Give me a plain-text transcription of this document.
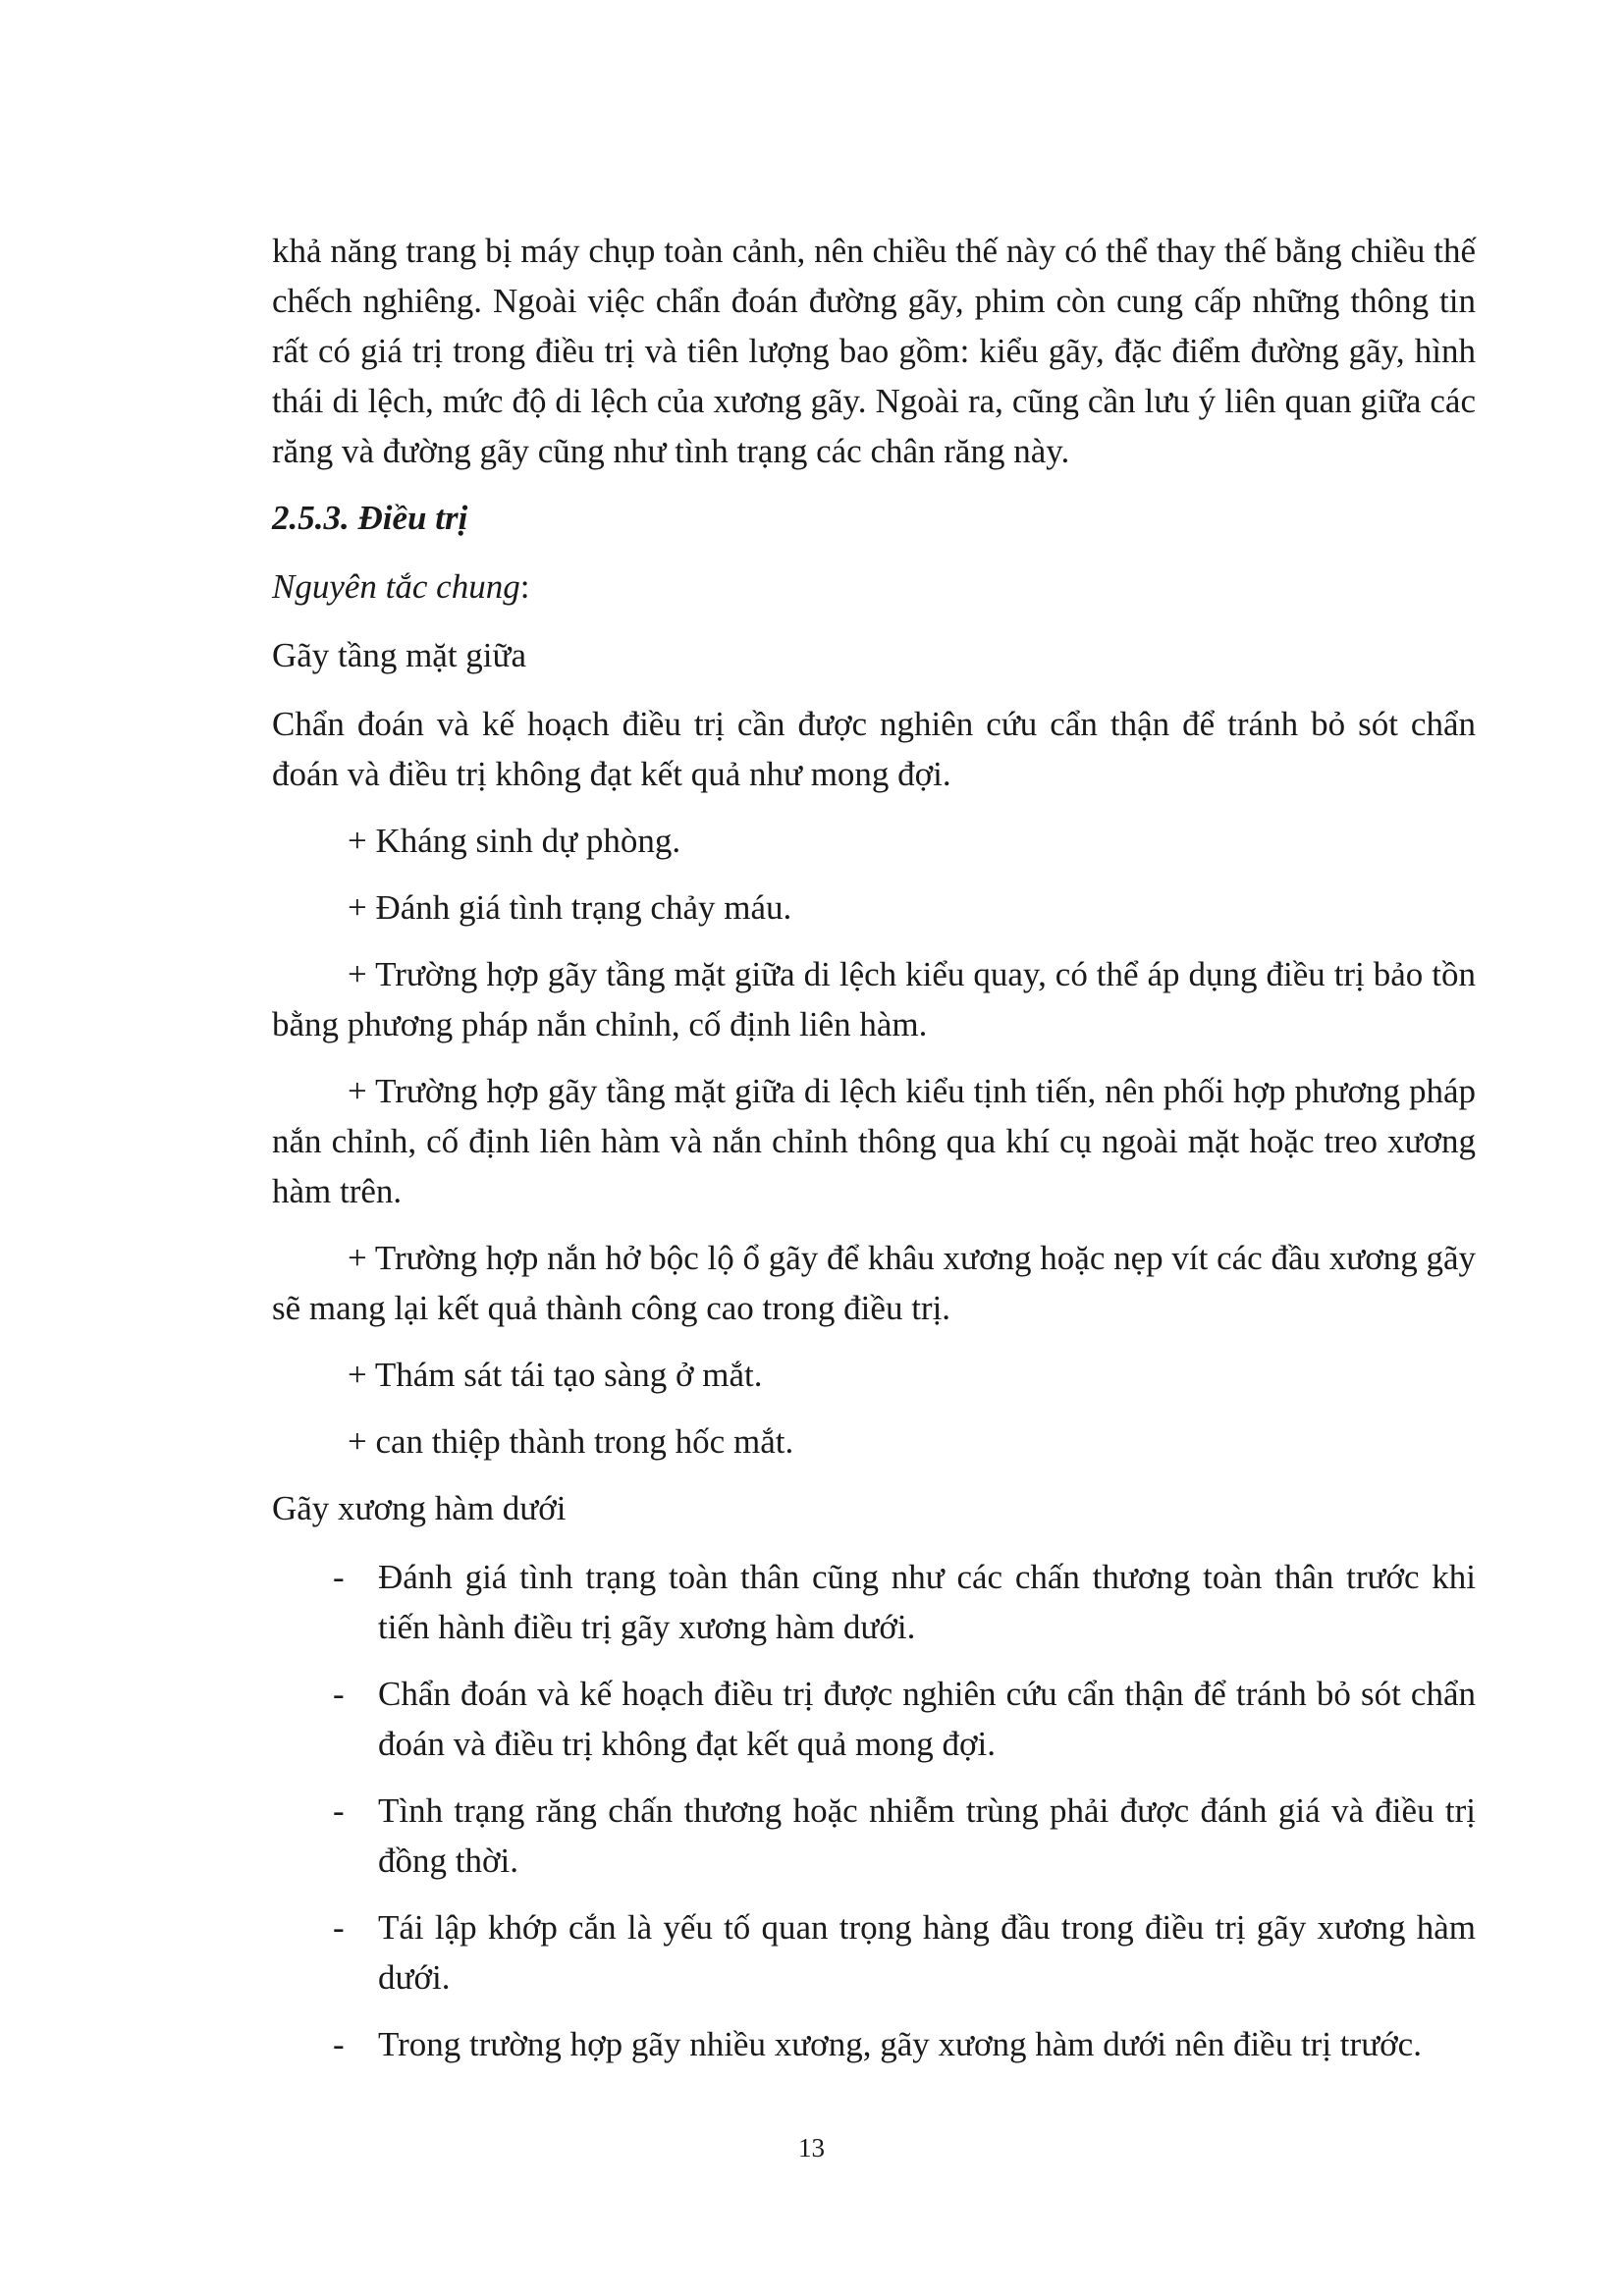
khả năng trang bị máy chụp toàn cảnh, nên chiều thế này có thể thay thế bằng chiều thế chếch nghiêng. Ngoài việc chẩn đoán đường gãy, phim còn cung cấp những thông tin rất có giá trị trong điều trị và tiên lượng bao gồm: kiểu gãy, đặc điểm đường gãy, hình thái di lệch, mức độ di lệch của xương gãy. Ngoài ra, cũng cần lưu ý liên quan giữa các răng và đường gãy cũng như tình trạng các chân răng này.

2.5.3. Điều trị

Nguyên tắc chung:

Gãy tầng mặt giữa

Chẩn đoán và kế hoạch điều trị cần được nghiên cứu cẩn thận để tránh bỏ sót chẩn đoán và điều trị không đạt kết quả như mong đợi.

+ Kháng sinh dự phòng.

+ Đánh giá tình trạng chảy máu.

+ Trường hợp gãy tầng mặt giữa di lệch kiểu quay, có thể áp dụng điều trị bảo tồn bằng phương pháp nắn chỉnh, cố định liên hàm.

+ Trường hợp gãy tầng mặt giữa di lệch kiểu tịnh tiến, nên phối hợp phương pháp nắn chỉnh, cố định liên hàm và nắn chỉnh thông qua khí cụ ngoài mặt hoặc treo xương hàm trên.

+ Trường hợp nắn hở bộc lộ ổ gãy để khâu xương hoặc nẹp vít các đầu xương gãy sẽ mang lại kết quả thành công cao trong điều trị.

+ Thám sát tái tạo sàng ở mắt.

+ can thiệp thành trong hốc mắt.

Gãy xương hàm dưới

- Đánh giá tình trạng toàn thân cũng như các chấn thương toàn thân trước khi tiến hành điều trị gãy xương hàm dưới.
- Chẩn đoán và kế hoạch điều trị được nghiên cứu cẩn thận để tránh bỏ sót chẩn đoán và điều trị không đạt kết quả mong đợi.
- Tình trạng răng chấn thương hoặc nhiễm trùng phải được đánh giá và điều trị đồng thời.
- Tái lập khớp cắn là yếu tố quan trọng hàng đầu trong điều trị gãy xương hàm dưới.
- Trong trường hợp gãy nhiều xương, gãy xương hàm dưới nên điều trị trước.
13
